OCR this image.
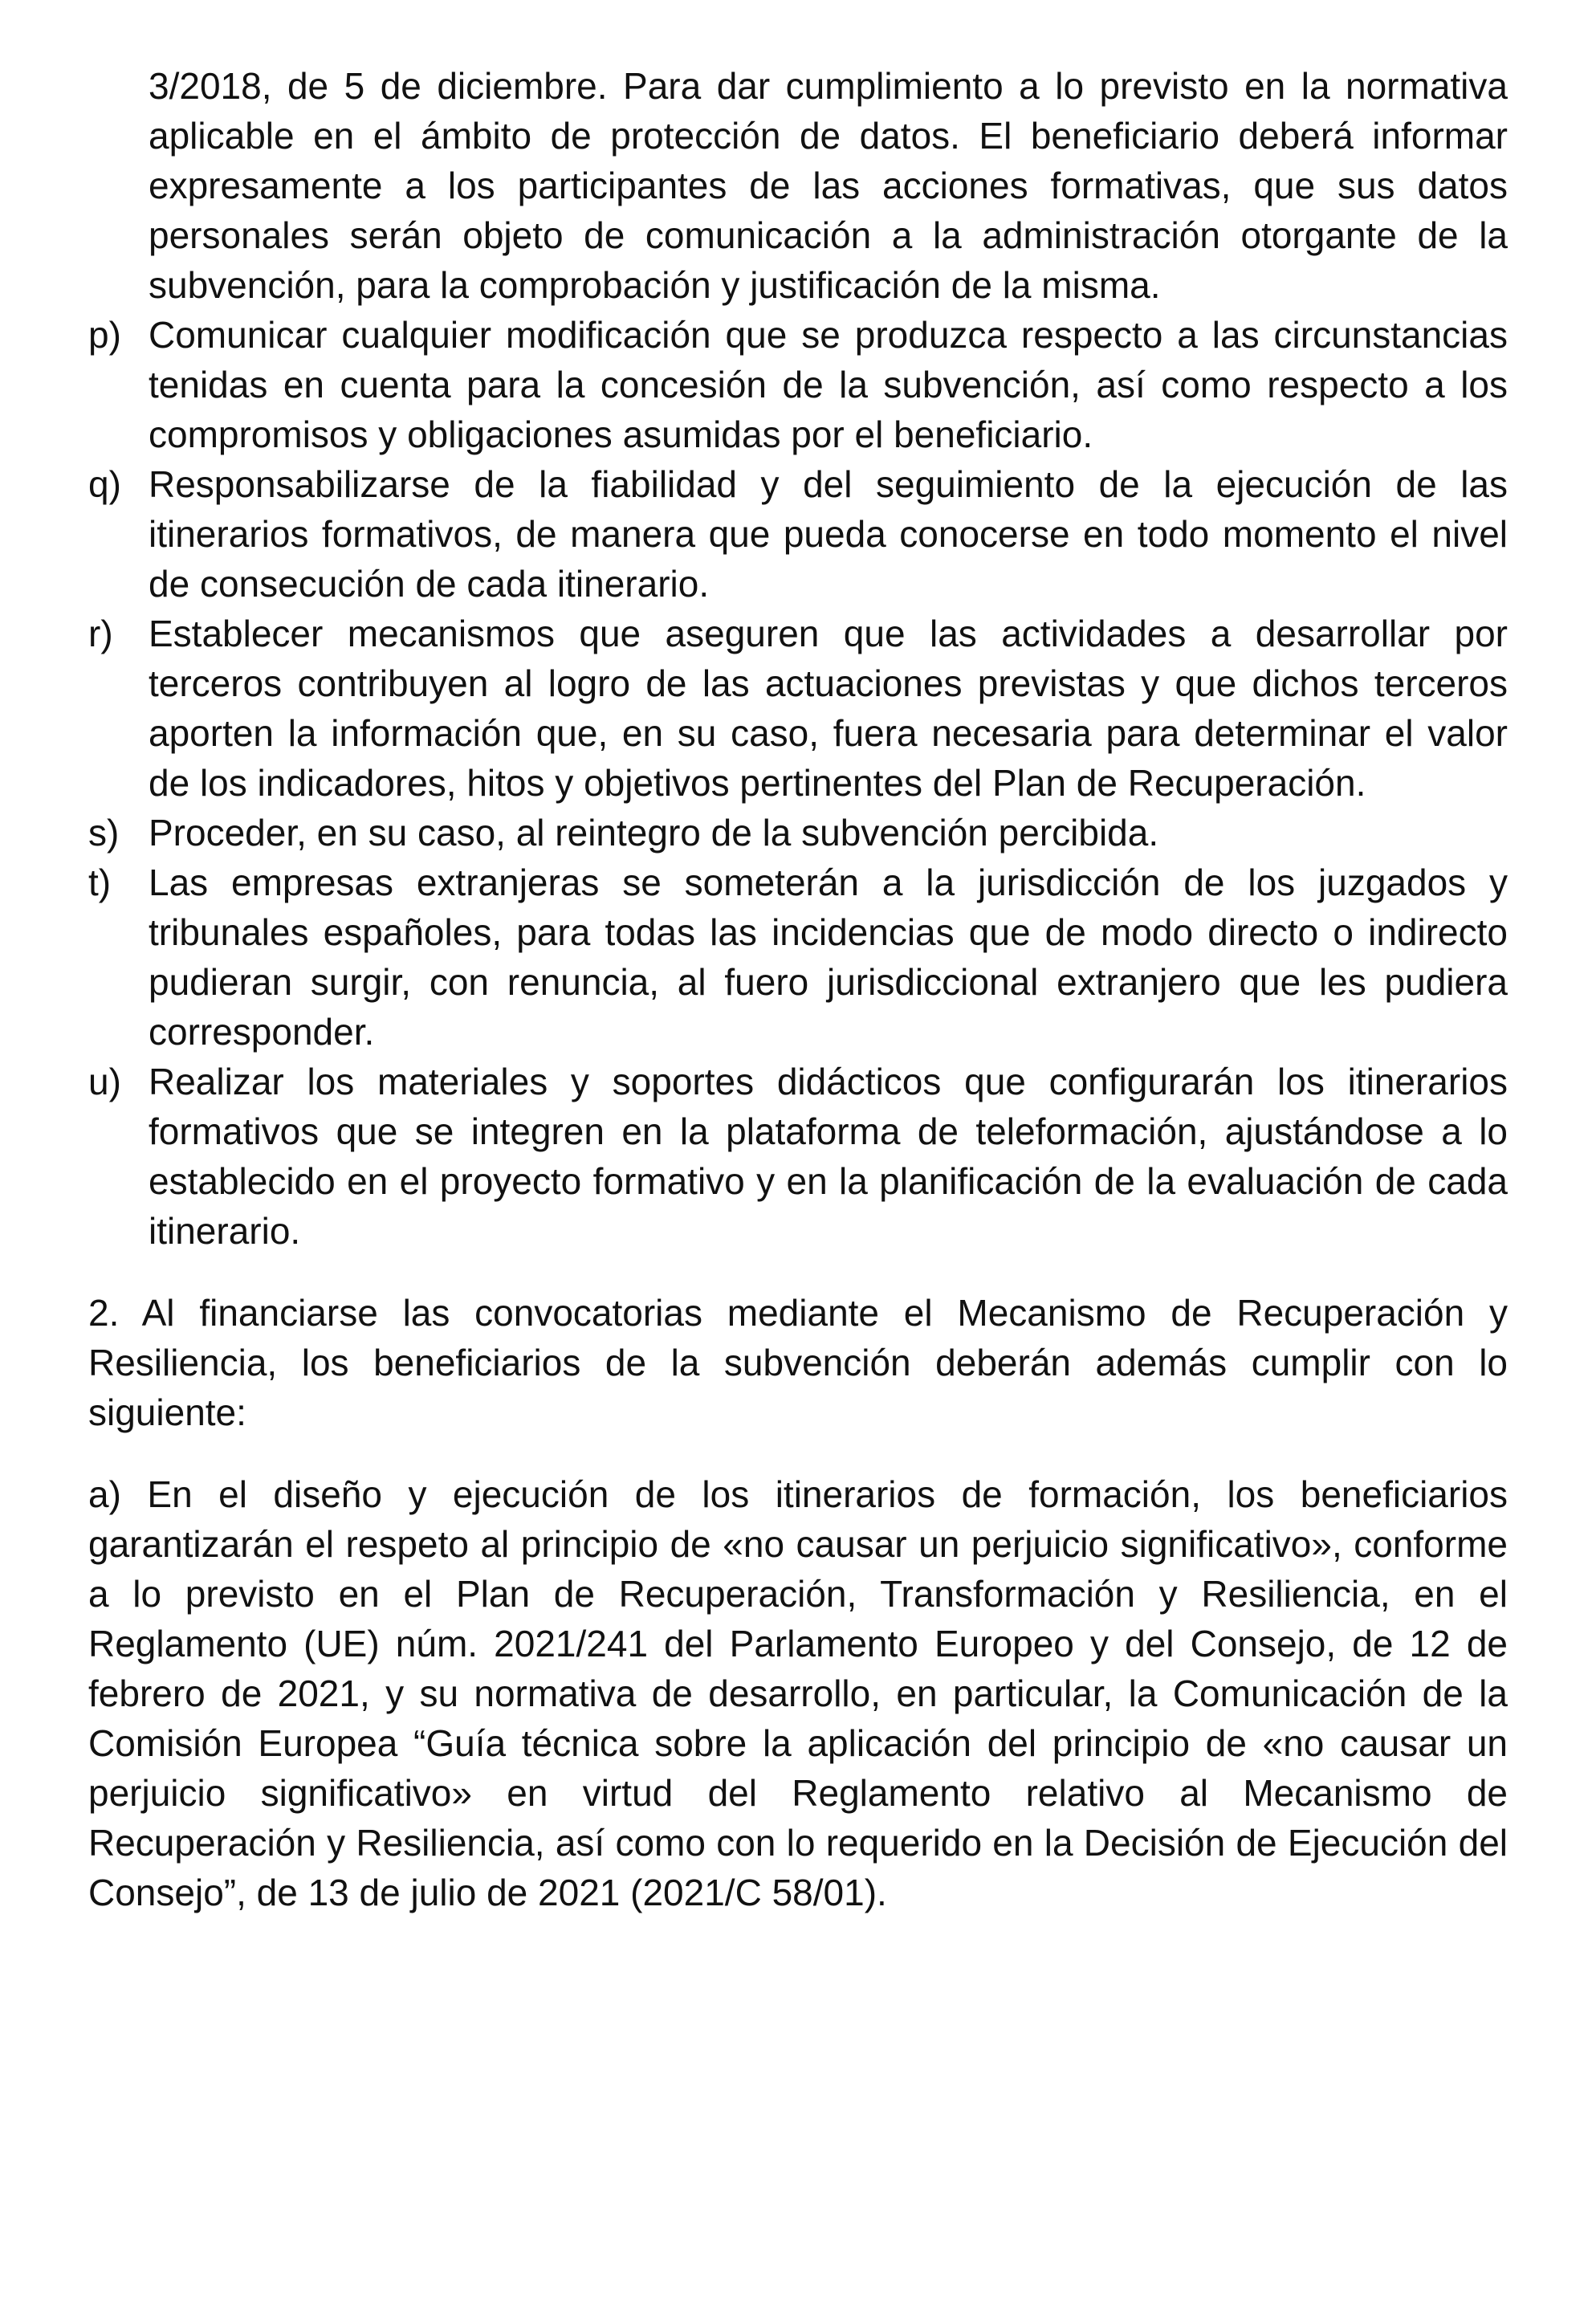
3/2018, de 5 de diciembre. Para dar cumplimiento a lo previsto en la normativa aplicable en el ámbito de protección de datos. El beneficiario deberá informar expresamente a los participantes de las acciones formativas, que sus datos personales serán objeto de comunicación a la administración otorgante de la subvención, para la comprobación y justificación de la misma.

p) Comunicar cualquier modificación que se produzca respecto a las circunstancias tenidas en cuenta para la concesión de la subvención, así como respecto a los compromisos y obligaciones asumidas por el beneficiario.
q) Responsabilizarse de la fiabilidad y del seguimiento de la ejecución de las itinerarios formativos, de manera que pueda conocerse en todo momento el nivel de consecución de cada itinerario.
r) Establecer mecanismos que aseguren que las actividades a desarrollar por terceros contribuyen al logro de las actuaciones previstas y que dichos terceros aporten la información que, en su caso, fuera necesaria para determinar el valor de los indicadores, hitos y objetivos pertinentes del Plan de Recuperación.
s) Proceder, en su caso, al reintegro de la subvención percibida.
t)	Las empresas extranjeras se someterán a la jurisdicción de los juzgados y tribunales españoles, para todas las incidencias que de modo directo o indirecto pudieran surgir, con renuncia, al fuero jurisdiccional extranjero que les pudiera corresponder.
u) Realizar los materiales y soportes didácticos que configurarán los itinerarios formativos que se integren en la plataforma de teleformación, ajustándose a lo establecido en el proyecto formativo y en la planificación de la evaluación de cada itinerario.

2. Al financiarse las convocatorias mediante el Mecanismo de Recuperación y Resiliencia, los beneficiarios de la subvención deberán además cumplir con lo siguiente:

a) En el diseño y ejecución de los itinerarios de formación, los beneficiarios garantizarán el respeto al principio de «no causar un perjuicio significativo», conforme a lo previsto en el Plan de Recuperación, Transformación y Resiliencia, en el Reglamento (UE) núm. 2021/241 del Parlamento Europeo y del Consejo, de 12 de febrero de 2021, y su normativa de desarrollo, en particular, la Comunicación de la Comisión Europea “Guía técnica sobre la aplicación del principio de «no causar un perjuicio significativo» en virtud del Reglamento relativo al Mecanismo de Recuperación y Resiliencia, así como con lo requerido en la Decisión de Ejecución del Consejo”, de 13 de julio de 2021 (2021/C 58/01).
